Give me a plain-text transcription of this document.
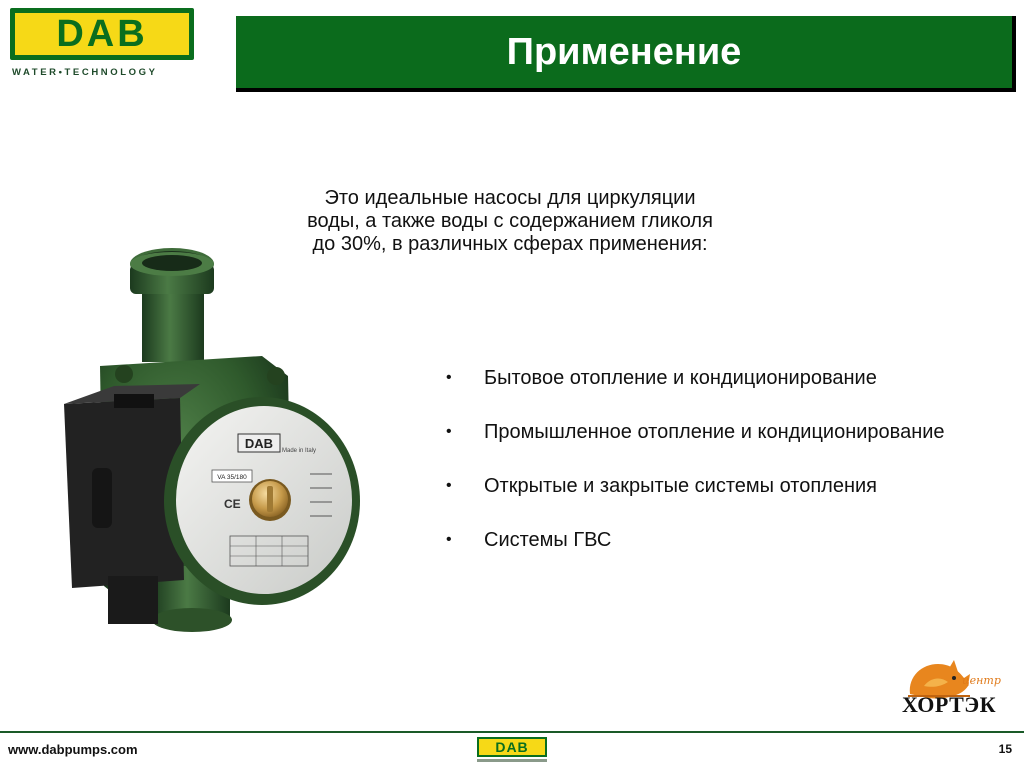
DAB
WATER•TECHNOLOGY	Применение
Это идеальные насосы для циркуляции воды, а также воды с содержанием гликоля до 30%, в различных сферах применения:
• Бытовое отопление и кондиционирование
• Промышленное отопление и кондиционирование
• Открытые и закрытые системы отопления
• Системы ГВС
DAB Made in Italy
VA 35/180
CE
центр
ХОРТЭК
www.dabpumps.com	DAB	15
